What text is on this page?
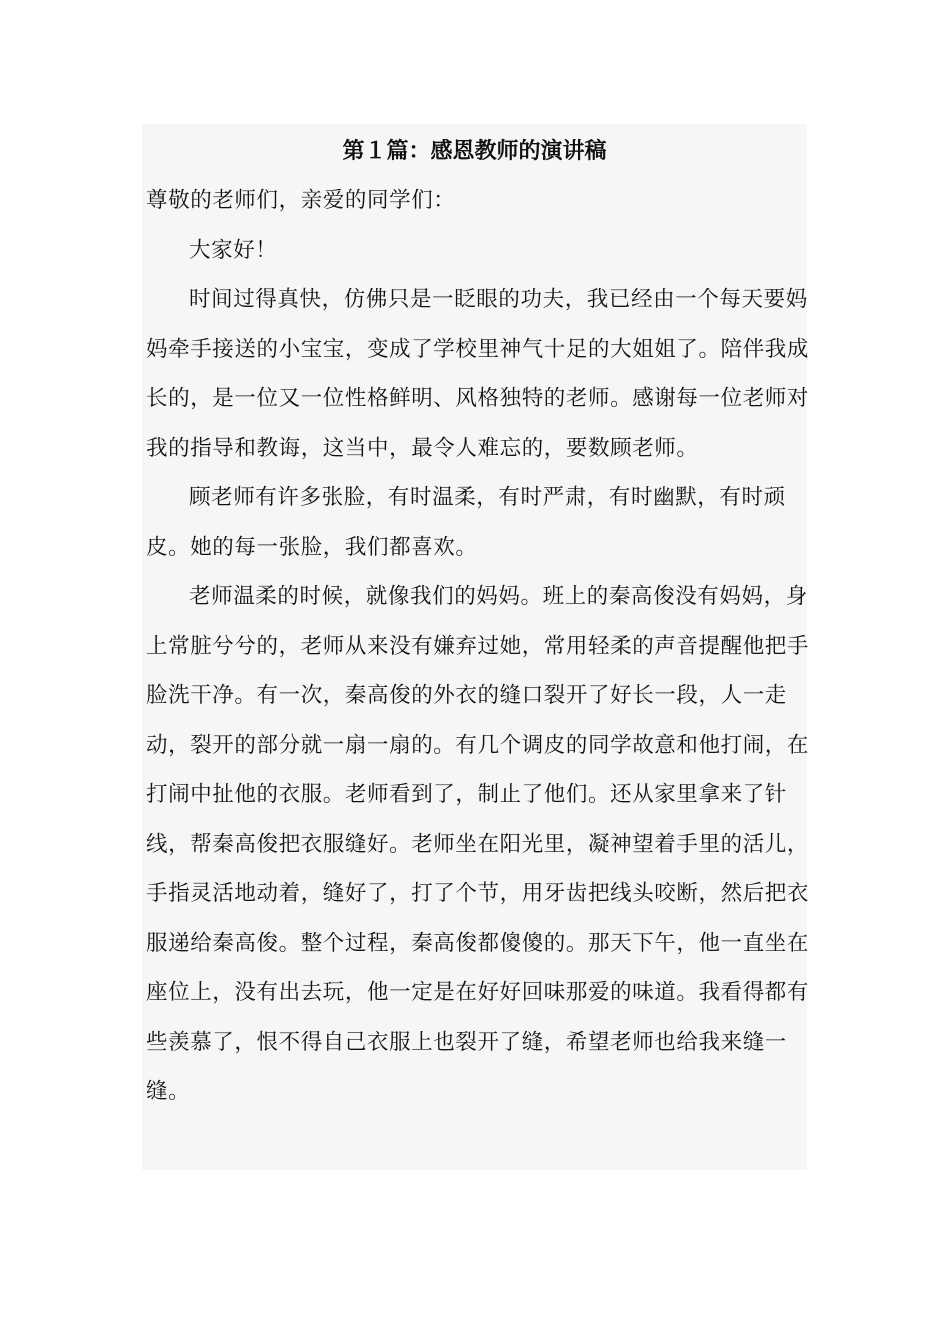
第１篇：感恩教师的演讲稿

尊敬的老师们，亲爱的同学们：

大家好！

时间过得真快，仿佛只是一眨眼的功夫，我已经由一个每天要妈妈牵手接送的小宝宝，变成了学校里神气十足的大姐姐了。陪伴我成长的，是一位又一位性格鲜明、风格独特的老师。感谢每一位老师对我的指导和教诲，这当中，最令人难忘的，要数顾老师。

顾老师有许多张脸，有时温柔，有时严肃，有时幽默，有时顽皮。她的每一张脸，我们都喜欢。

老师温柔的时候，就像我们的妈妈。班上的秦高俊没有妈妈，身上常脏兮兮的，老师从来没有嫌弃过她，常用轻柔的声音提醒他把手脸洗干净。有一次，秦高俊的外衣的缝口裂开了好长一段，人一走动，裂开的部分就一扇一扇的。有几个调皮的同学故意和他打闹，在打闹中扯他的衣服。老师看到了，制止了他们。还从家里拿来了针线，帮秦高俊把衣服缝好。老师坐在阳光里，凝神望着手里的活儿，手指灵活地动着，缝好了，打了个节，用牙齿把线头咬断，然后把衣服递给秦高俊。整个过程，秦高俊都傻傻的。那天下午，他一直坐在座位上，没有出去玩，他一定是在好好回味那爱的味道。我看得都有些羡慕了，恨不得自己衣服上也裂开了缝，希望老师也给我来缝一缝。
